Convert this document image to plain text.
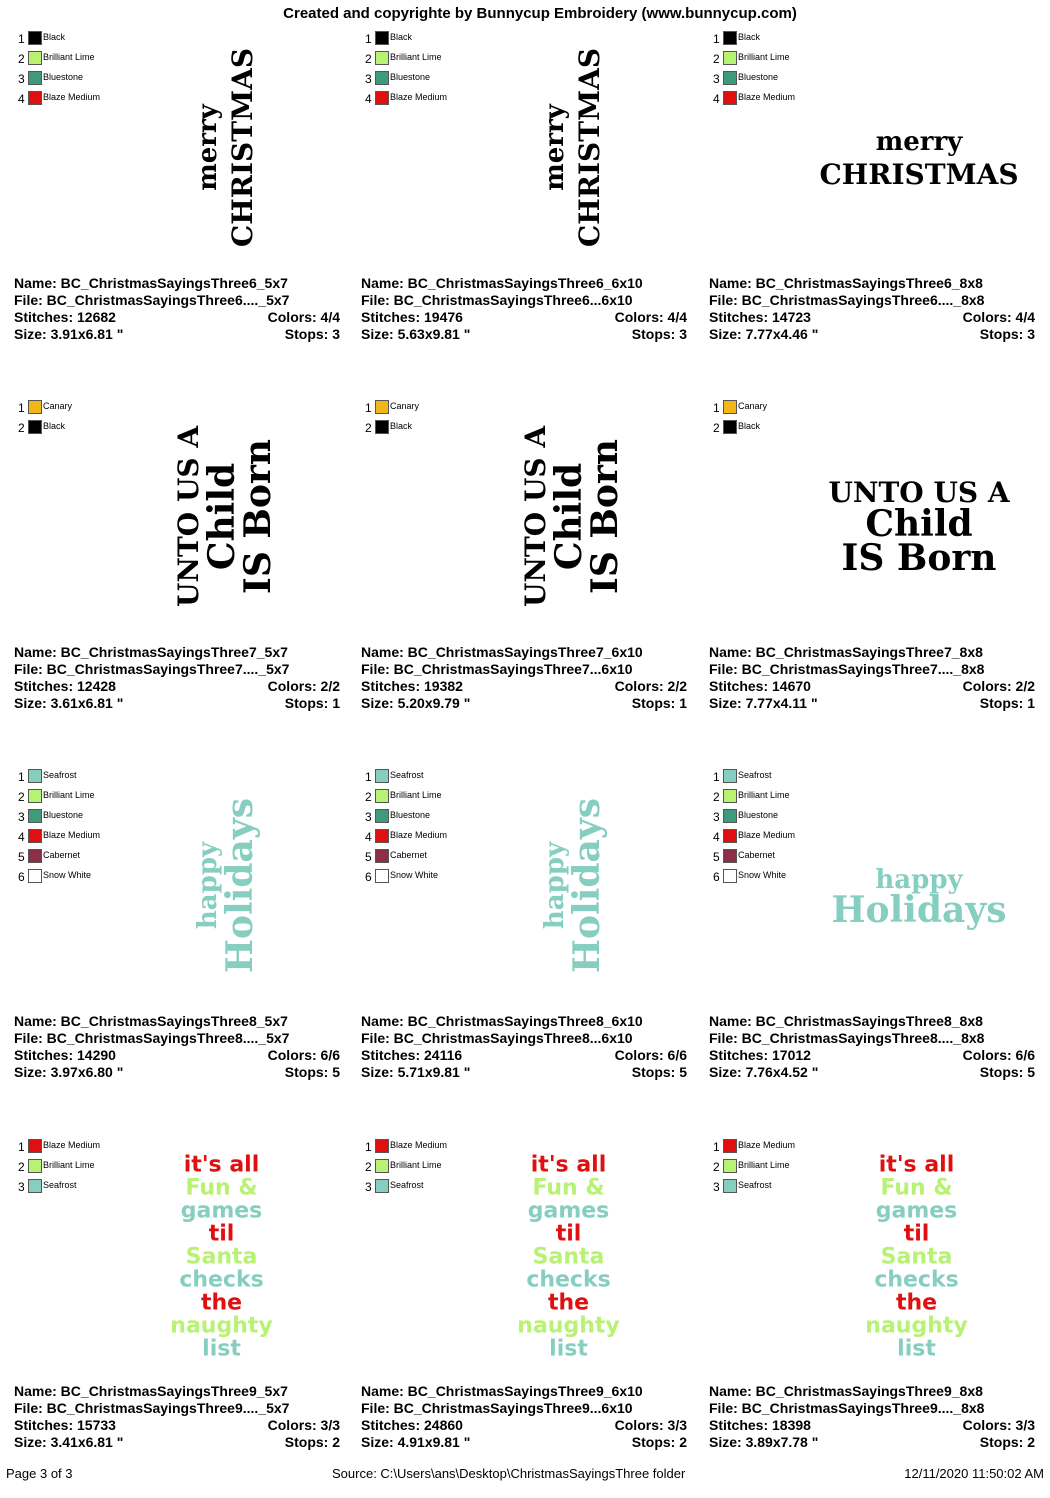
Created and copyrighte by Bunnycup Embroidery (www.bunnycup.com)
1 Black
2 Brilliant Lime
3 Bluestone
4 Blaze Medium
merry CHRISTMAS
Name: BC_ChristmasSayingsThree6_5x7
File: BC_ChristmasSayingsThree6...._5x7
Stitches: 12682	Colors: 4/4
Size: 3.91x6.81 "	Stops: 3
1 Black
2 Brilliant Lime
3 Bluestone
4 Blaze Medium
merry CHRISTMAS
Name: BC_ChristmasSayingsThree6_6x10
File: BC_ChristmasSayingsThree6...6x10
Stitches: 19476	Colors: 4/4
Size: 5.63x9.81 "	Stops: 3
1 Black
2 Brilliant Lime
3 Bluestone
4 Blaze Medium
merry
CHRISTMAS
Name: BC_ChristmasSayingsThree6_8x8
File: BC_ChristmasSayingsThree6...._8x8
Stitches: 14723	Colors: 4/4
Size: 7.77x4.46 "	Stops: 3
1 Canary
2 Black	UNTO US A
Child
IS Born
Name: BC_ChristmasSayingsThree7_5x7
File: BC_ChristmasSayingsThree7...._5x7
Stitches: 12428	Colors: 2/2
Size: 3.61x6.81 "	Stops: 1
1 Canary
2 Black	UNTO US A
Child
IS Born
Name: BC_ChristmasSayingsThree7_6x10
File: BC_ChristmasSayingsThree7...6x10
Stitches: 19382	Colors: 2/2
Size: 5.20x9.79 "	Stops: 1
1 Canary
2 Black
UNTO US A
Child
IS Born
Name: BC_ChristmasSayingsThree7_8x8
File: BC_ChristmasSayingsThree7...._8x8
Stitches: 14670	Colors: 2/2
Size: 7.77x4.11 "	Stops: 1
1 Seafrost
2 Brilliant Lime
3 Bluestone
4 Blaze Medium
5 Cabernet
6 Snow White	happy
Holidays
Name: BC_ChristmasSayingsThree8_5x7
File: BC_ChristmasSayingsThree8...._5x7
Stitches: 14290	Colors: 6/6
Size: 3.97x6.80 "	Stops: 5
1 Seafrost
2 Brilliant Lime
3 Bluestone
4 Blaze Medium
5 Cabernet
6 Snow White	happy
Holidays
Name: BC_ChristmasSayingsThree8_6x10
File: BC_ChristmasSayingsThree8...6x10
Stitches: 24116	Colors: 6/6
Size: 5.71x9.81 "	Stops: 5
1 Seafrost
2 Brilliant Lime
3 Bluestone
4 Blaze Medium
5 Cabernet
6 Snow White	happy
Holidays
Name: BC_ChristmasSayingsThree8_8x8
File: BC_ChristmasSayingsThree8...._8x8
Stitches: 17012	Colors: 6/6
Size: 7.76x4.52 "	Stops: 5
1 Blaze Medium
2 Brilliant Lime
3 Seafrost
it's all
Fun &
games
til
Santa
checks
the
naughty
list
Name: BC_ChristmasSayingsThree9_5x7
File: BC_ChristmasSayingsThree9...._5x7
Stitches: 15733	Colors: 3/3
Size: 3.41x6.81 "	Stops: 2
1 Blaze Medium
2 Brilliant Lime
3 Seafrost
it's all
Fun &
games
til
Santa
checks
the
naughty
list
Name: BC_ChristmasSayingsThree9_6x10
File: BC_ChristmasSayingsThree9...6x10
Stitches: 24860	Colors: 3/3
Size: 4.91x9.81 "	Stops: 2
1 Blaze Medium
2 Brilliant Lime
3 Seafrost
it's all
Fun &
games
til
Santa
checks
the
naughty
list
Name: BC_ChristmasSayingsThree9_8x8
File: BC_ChristmasSayingsThree9...._8x8
Stitches: 18398	Colors: 3/3
Size: 3.89x7.78 "	Stops: 2
Page 3 of 3	Source: C:\Users\ans\Desktop\ChristmasSayingsThree folder	12/11/2020 11:50:02 AM
